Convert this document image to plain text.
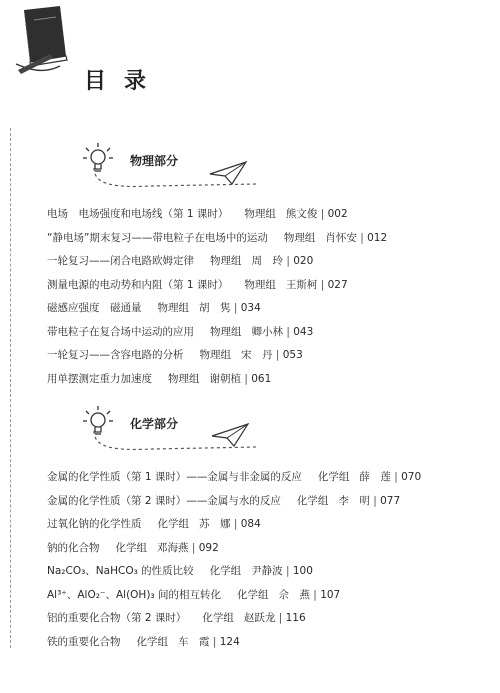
目录
物理部分
电场　电场强度和电场线（第 1 课时） 物理组 熊文俊 | 002
“静电场”期末复习——带电粒子在电场中的运动 物理组 肖怀安 | 012
一轮复习——闭合电路欧姆定律 物理组 周　玲 | 020
测量电源的电动势和内阻（第 1 课时） 物理组 王斯柯 | 027
磁感应强度　磁通量 物理组 胡　隽 | 034
带电粒子在复合场中运动的应用 物理组 卿小林 | 043
一轮复习——含容电路的分析 物理组 宋　丹 | 053
用单摆测定重力加速度 物理组 谢朝植 | 061
化学部分
金属的化学性质（第 1 课时）——金属与非金属的反应 化学组 薛　莲 | 070
金属的化学性质（第 2 课时）——金属与水的反应 化学组 李　明 | 077
过氧化钠的化学性质 化学组 苏　娜 | 084
钠的化合物 化学组 邓海燕 | 092
Na₂CO₃、NaHCO₃ 的性质比较 化学组 尹静波 | 100
Al³⁺、AlO₂⁻、Al(OH)₃ 间的相互转化 化学组 佘　燕 | 107
铝的重要化合物（第 2 课时） 化学组 赵跃龙 | 116
铁的重要化合物 化学组 车　霞 | 124
